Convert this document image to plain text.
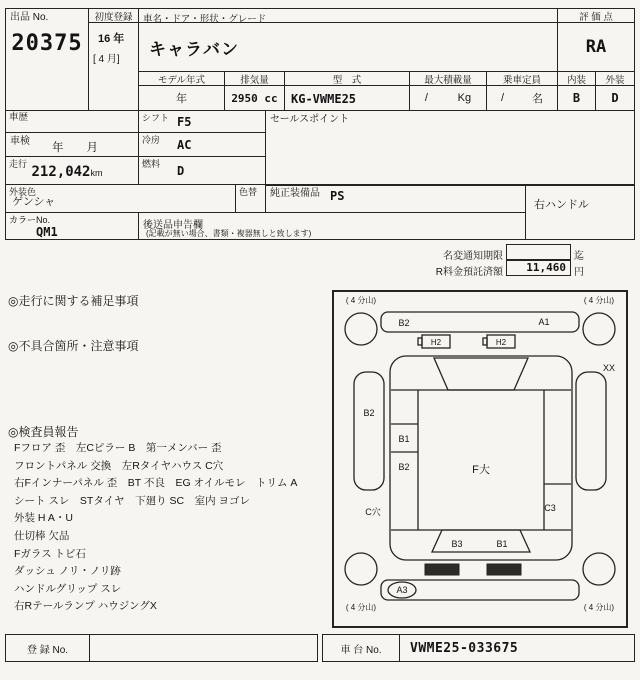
出品 No.
20375
初度登録
16 年
[ 4 月]
車名・ドア・形状・グレード
キャラバン
評 価 点
RA
モデル年式	排気量	型　式	最大積載量	乗車定員	内装	外装
年	2950 cc	KG-VWME25	/	Kg	/	名	B	D
車歴	シフト F5	セールスポイント
車検
年　　月
冷房 AC
走行 212,042km
燃料 D
外装色
ゲンシャ
色替 純正装備品 PS
右ハンドル
カラーNo.
QM1	後送品申告欄
(記載が無い場合、書類・複器無しと致します)
名変通知期限	迄
R料金預託済額	11,460 円
◎走行に関する補足事項
◎不具合箇所・注意事項
◎検査員報告
Fフロア 歪　左Cピラー B　第一メンバー 歪
フロントパネル 交換　左Rタイヤハウス C穴
右Fインナーパネル 歪　BT 不良　EG オイルモレ　トリム A
シート スレ　STタイヤ　下廻り SC　室内 ヨゴレ
外装 H A・U
仕切棒 欠品
Fガラス トビ石
ダッシュ ノリ・ノリ跡
ハンドルグリップ スレ
右Rテールランプ ハウジングX
B2	A1
H2	H2
XX
B2
B1
B2	F大
C穴	C3
B3	B1
A3
( 4 分山)	( 4 分山)
( 4 分山)	( 4 分山)
登 録 No.	車 台 No.	VWME25-033675
